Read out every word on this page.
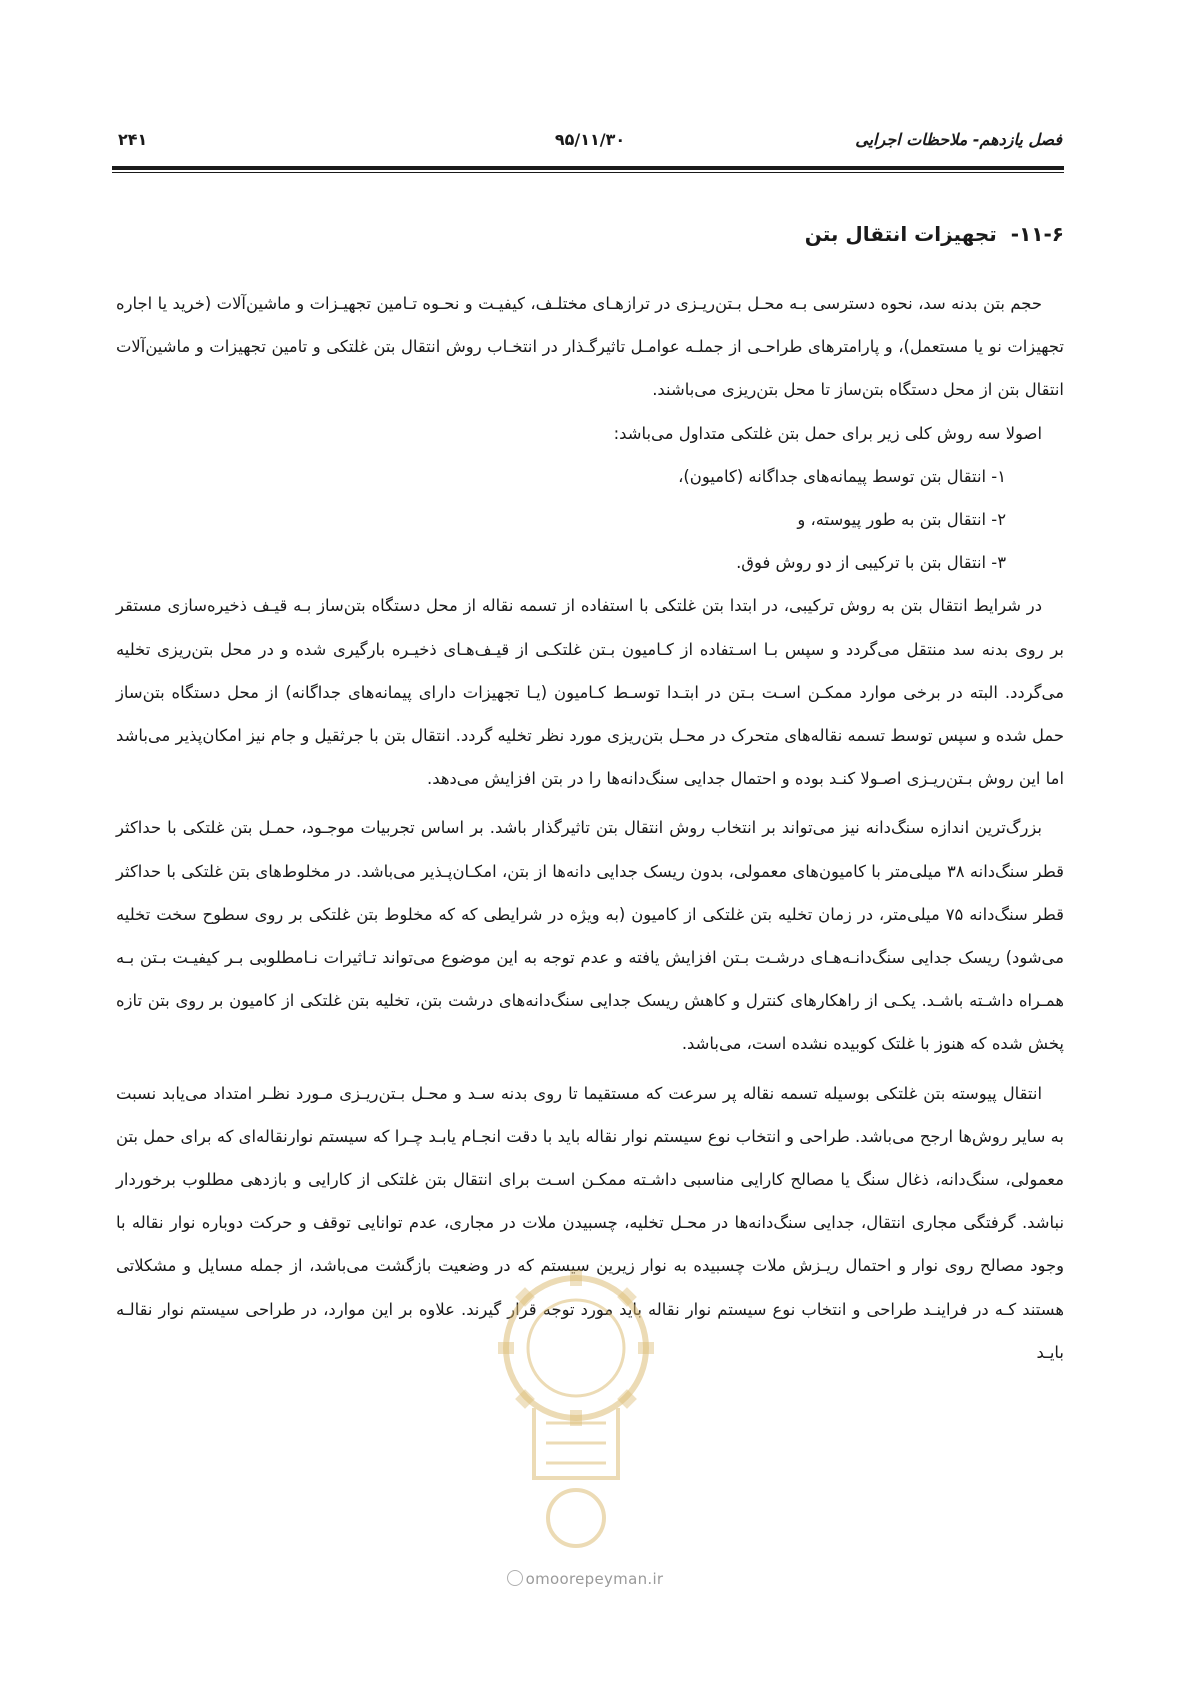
۲۴۱	۹۵/۱۱/۳۰	فصل یازدهم- ملاحظات اجرایی
۱۱-۶-  تجهیزات انتقال بتن

حجم بتن بدنه سد، نحوه دسترسی بـه محـل بـتن‌ریـزی در ترازهـای مختلـف، کیفیـت و نحـوه تـامین تجهیـزات و ماشین‌آلات (خرید یا اجاره تجهیزات نو یا مستعمل)، و پارامترهای طراحـی از جملـه عوامـل تاثیرگـذار در انتخـاب روش انتقال بتن غلتکی و تامین تجهیزات و ماشین‌آلات انتقال بتن از محل دستگاه بتن‌ساز تا محل بتن‌ریزی می‌باشند.

اصولا سه روش کلی زیر برای حمل بتن غلتکی متداول می‌باشد:

۱- انتقال بتن توسط پیمانه‌های جداگانه (کامیون)،

۲- انتقال بتن به طور پیوسته، و

۳- انتقال بتن با ترکیبی از دو روش فوق.

در شرایط انتقال بتن به روش ترکیبی، در ابتدا بتن غلتکی با استفاده از تسمه نقاله از محل دستگاه بتن‌ساز بـه قیـف ذخیره‌سازی مستقر بر روی بدنه سد منتقل می‌گردد و سپس بـا اسـتفاده از کـامیون بـتن غلتکـی از قیـف‌هـای ذخیـره بارگیری شده و در محل بتن‌ریزی تخلیه می‌گردد. البته در برخی موارد ممکـن اسـت بـتن در ابتـدا توسـط کـامیون (یـا تجهیزات دارای پیمانه‌های جداگانه) از محل دستگاه بتن‌ساز حمل شده و سپس توسط تسمه نقاله‌های متحرک در محـل بتن‌ریزی مورد نظر تخلیه گردد. انتقال بتن با جرثقیل و جام نیز امکان‌پذیر می‌باشد اما این روش بـتن‌ریـزی اصـولا کنـد بوده و احتمال جدایی سنگ‌دانه‌ها را در بتن افزایش می‌دهد.

بزرگ‌ترین اندازه سنگ‌دانه نیز می‌تواند بر انتخاب روش انتقال بتن تاثیرگذار باشد. بر اساس تجربیات موجـود، حمـل بتن غلتکی با حداکثر قطر سنگ‌دانه ۳۸ میلی‌متر با کامیون‌های معمولی، بدون ریسک جدایی دانه‌ها از بتن، امکـان‌پـذیر می‌باشد. در مخلوط‌های بتن غلتکی با حداکثر قطر سنگ‌دانه ۷۵ میلی‌متر، در زمان تخلیه بتن غلتکی از کامیون (به ویژه در شرایطی که که مخلوط بتن غلتکی بر روی سطوح سخت تخلیه می‌شود) ریسک جدایی سنگ‌دانـه‌هـای درشـت بـتن افزایش یافته و عدم توجه به این موضوع می‌تواند تـاثیرات نـامطلوبی بـر کیفیـت بـتن بـه همـراه داشـته باشـد. یکـی از راهکارهای کنترل و کاهش ریسک جدایی سنگ‌دانه‌های درشت بتن، تخلیه بتن غلتکی از کامیون بر روی بتن تازه پخش شده که هنوز با غلتک کوبیده نشده است، می‌باشد.

انتقال پیوسته بتن غلتکی بوسیله تسمه نقاله پر سرعت که مستقیما تا روی بدنه سـد و محـل بـتن‌ریـزی مـورد نظـر امتداد می‌یابد نسبت به سایر روش‌ها ارجح می‌باشد. طراحی و انتخاب نوع سیستم نوار نقاله باید با دقت انجـام یابـد چـرا که سیستم نوارنقاله‌ای که برای حمل بتن معمولی، سنگ‌دانه، ذغال سنگ یا مصالح کارایی مناسبی داشـته ممکـن اسـت برای انتقال بتن غلتکی از کارایی و بازدهی مطلوب برخوردار نباشد. گرفتگی مجاری انتقال، جدایی سنگ‌دانه‌ها در محـل تخلیه، چسبیدن ملات در مجاری، عدم توانایی توقف و حرکت دوباره نوار نقاله با وجود مصالح روی نوار و احتمال ریـزش ملات چسبیده به نوار زیرین سیستم که در وضعیت بازگشت می‌باشد، از جمله مسایل و مشکلاتی هستند کـه در فراینـد طراحی و انتخاب نوع سیستم نوار نقاله باید مورد توجه قرار گیرند. علاوه بر این موارد، در طراحی سیستم نوار نقالـه بایـد

omoorepeyman.ir
